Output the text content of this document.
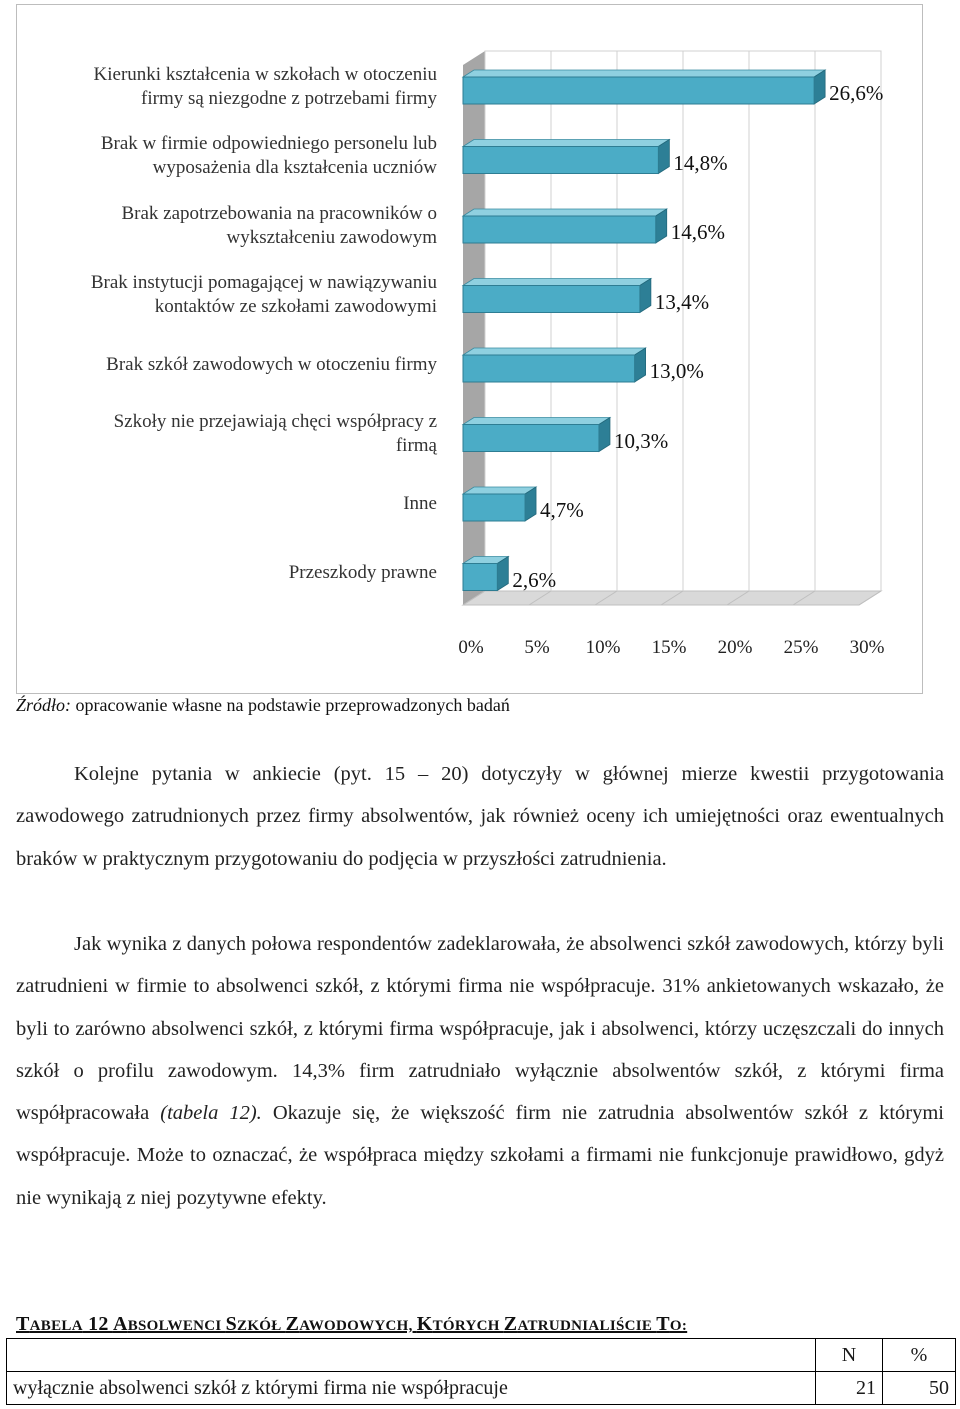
Kierunki kształcenia w szkołach w otoczeniu
firmy są niezgodne z potrzebami firmy
Brak w firmie odpowiedniego personelu lub
wyposażenia dla kształcenia uczniów
Brak zapotrzebowania na pracowników o
wykształceniu zawodowym
Brak instytucji pomagającej w nawiązywaniu
kontaktów ze szkołami zawodowymi
Brak szkół zawodowych w otoczeniu firmy
Szkoły nie przejawiają chęci współpracy z
firmą
Inne
Przeszkody prawne
26,6%
14,8%
14,6%
13,4%
13,0%
10,3%
4,7%
2,6%
0% 5% 10% 15% 20% 25% 30%
Źródło: opracowanie własne na podstawie przeprowadzonych badań

Kolejne pytania w ankiecie (pyt. 15 – 20) dotyczyły w głównej mierze kwestii przygotowania zawodowego zatrudnionych przez firmy absolwentów, jak również oceny ich umiejętności oraz ewentualnych braków w praktycznym przygotowaniu do podjęcia w przyszłości zatrudnienia.

Jak wynika z danych połowa respondentów zadeklarowała, że absolwenci szkół zawodowych, którzy byli zatrudnieni w firmie to absolwenci szkół, z którymi firma nie współpracuje. 31% ankietowanych wskazało, że byli to zarówno absolwenci szkół, z którymi firma współpracuje, jak i absolwenci, którzy uczęszczali do innych szkół o profilu zawodowym. 14,3% firm zatrudniało wyłącznie absolwentów szkół, z którymi firma współpracowała (tabela 12). Okazuje się, że większość firm nie zatrudnia absolwentów szkół z którymi współpracuje. Może to oznaczać, że współpraca między szkołami a firmami nie funkcjonuje prawidłowo, gdyż nie wynikają z niej pozytywne efekty.

TABELA 12 ABSOLWENCI SZKÓŁ ZAWODOWYCH, KTÓRYCH ZATRUDNIALIŚCIE TO:
	N	%
wyłącznie absolwenci szkół z którymi firma nie współpracuje	21	50
